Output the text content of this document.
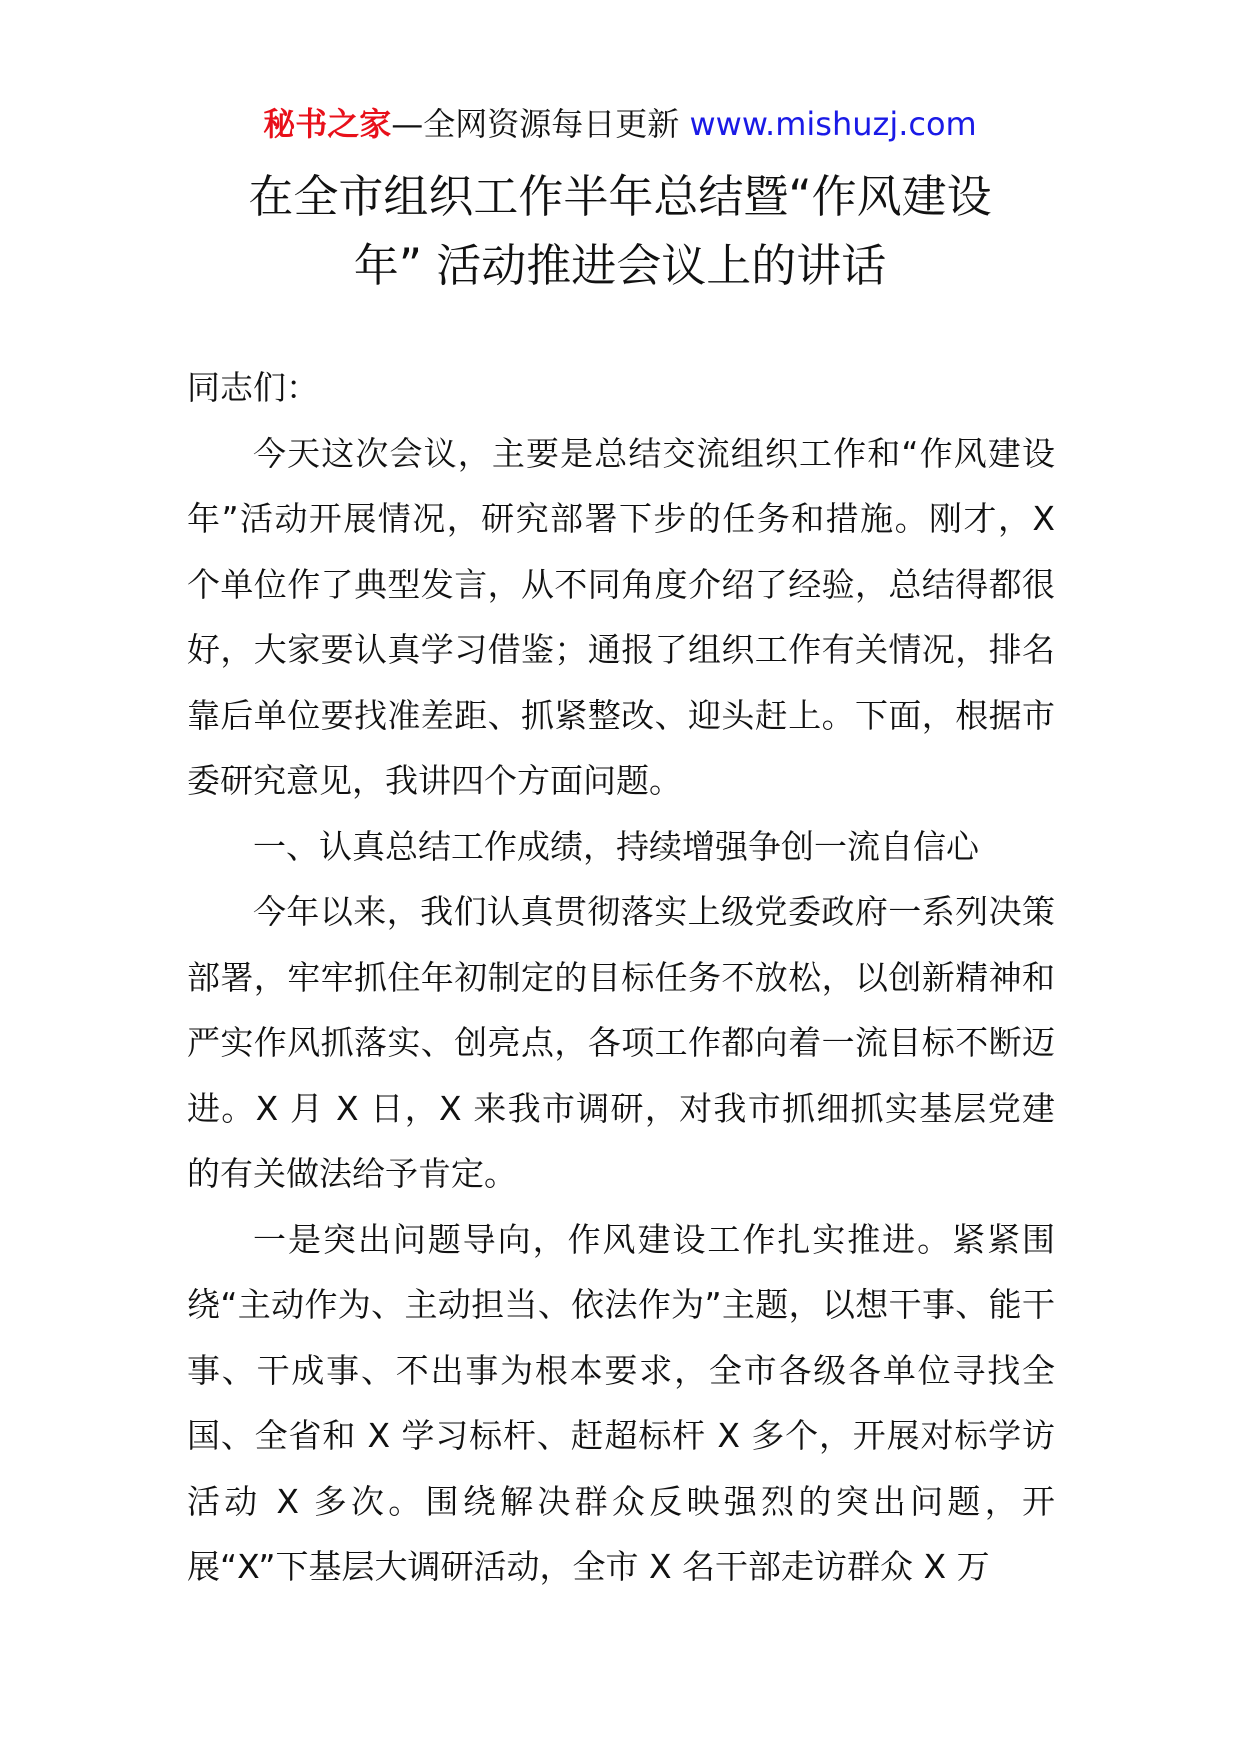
秘书之家—全网资源每日更新 www.mishuzj.com
在全市组织工作半年总结暨“作风建设
年” 活动推进会议上的讲话

同志们：

今天这次会议，主要是总结交流组织工作和“作风建设年”活动开展情况，研究部署下步的任务和措施。刚才，X 个单位作了典型发言，从不同角度介绍了经验，总结得都很好，大家要认真学习借鉴；通报了组织工作有关情况，排名靠后单位要找准差距、抓紧整改、迎头赶上。下面，根据市委研究意见，我讲四个方面问题。

一、认真总结工作成绩，持续增强争创一流自信心

今年以来，我们认真贯彻落实上级党委政府一系列决策部署，牢牢抓住年初制定的目标任务不放松，以创新精神和严实作风抓落实、创亮点，各项工作都向着一流目标不断迈进。X 月 X 日，X 来我市调研，对我市抓细抓实基层党建的有关做法给予肯定。

一是突出问题导向，作风建设工作扎实推进。紧紧围绕“主动作为、主动担当、依法作为”主题，以想干事、能干事、干成事、不出事为根本要求，全市各级各单位寻找全国、全省和 X 学习标杆、赶超标杆 X 多个，开展对标学访活动 X 多次。围绕解决群众反映强烈的突出问题，开展“X”下基层大调研活动，全市 X 名干部走访群众 X 万
